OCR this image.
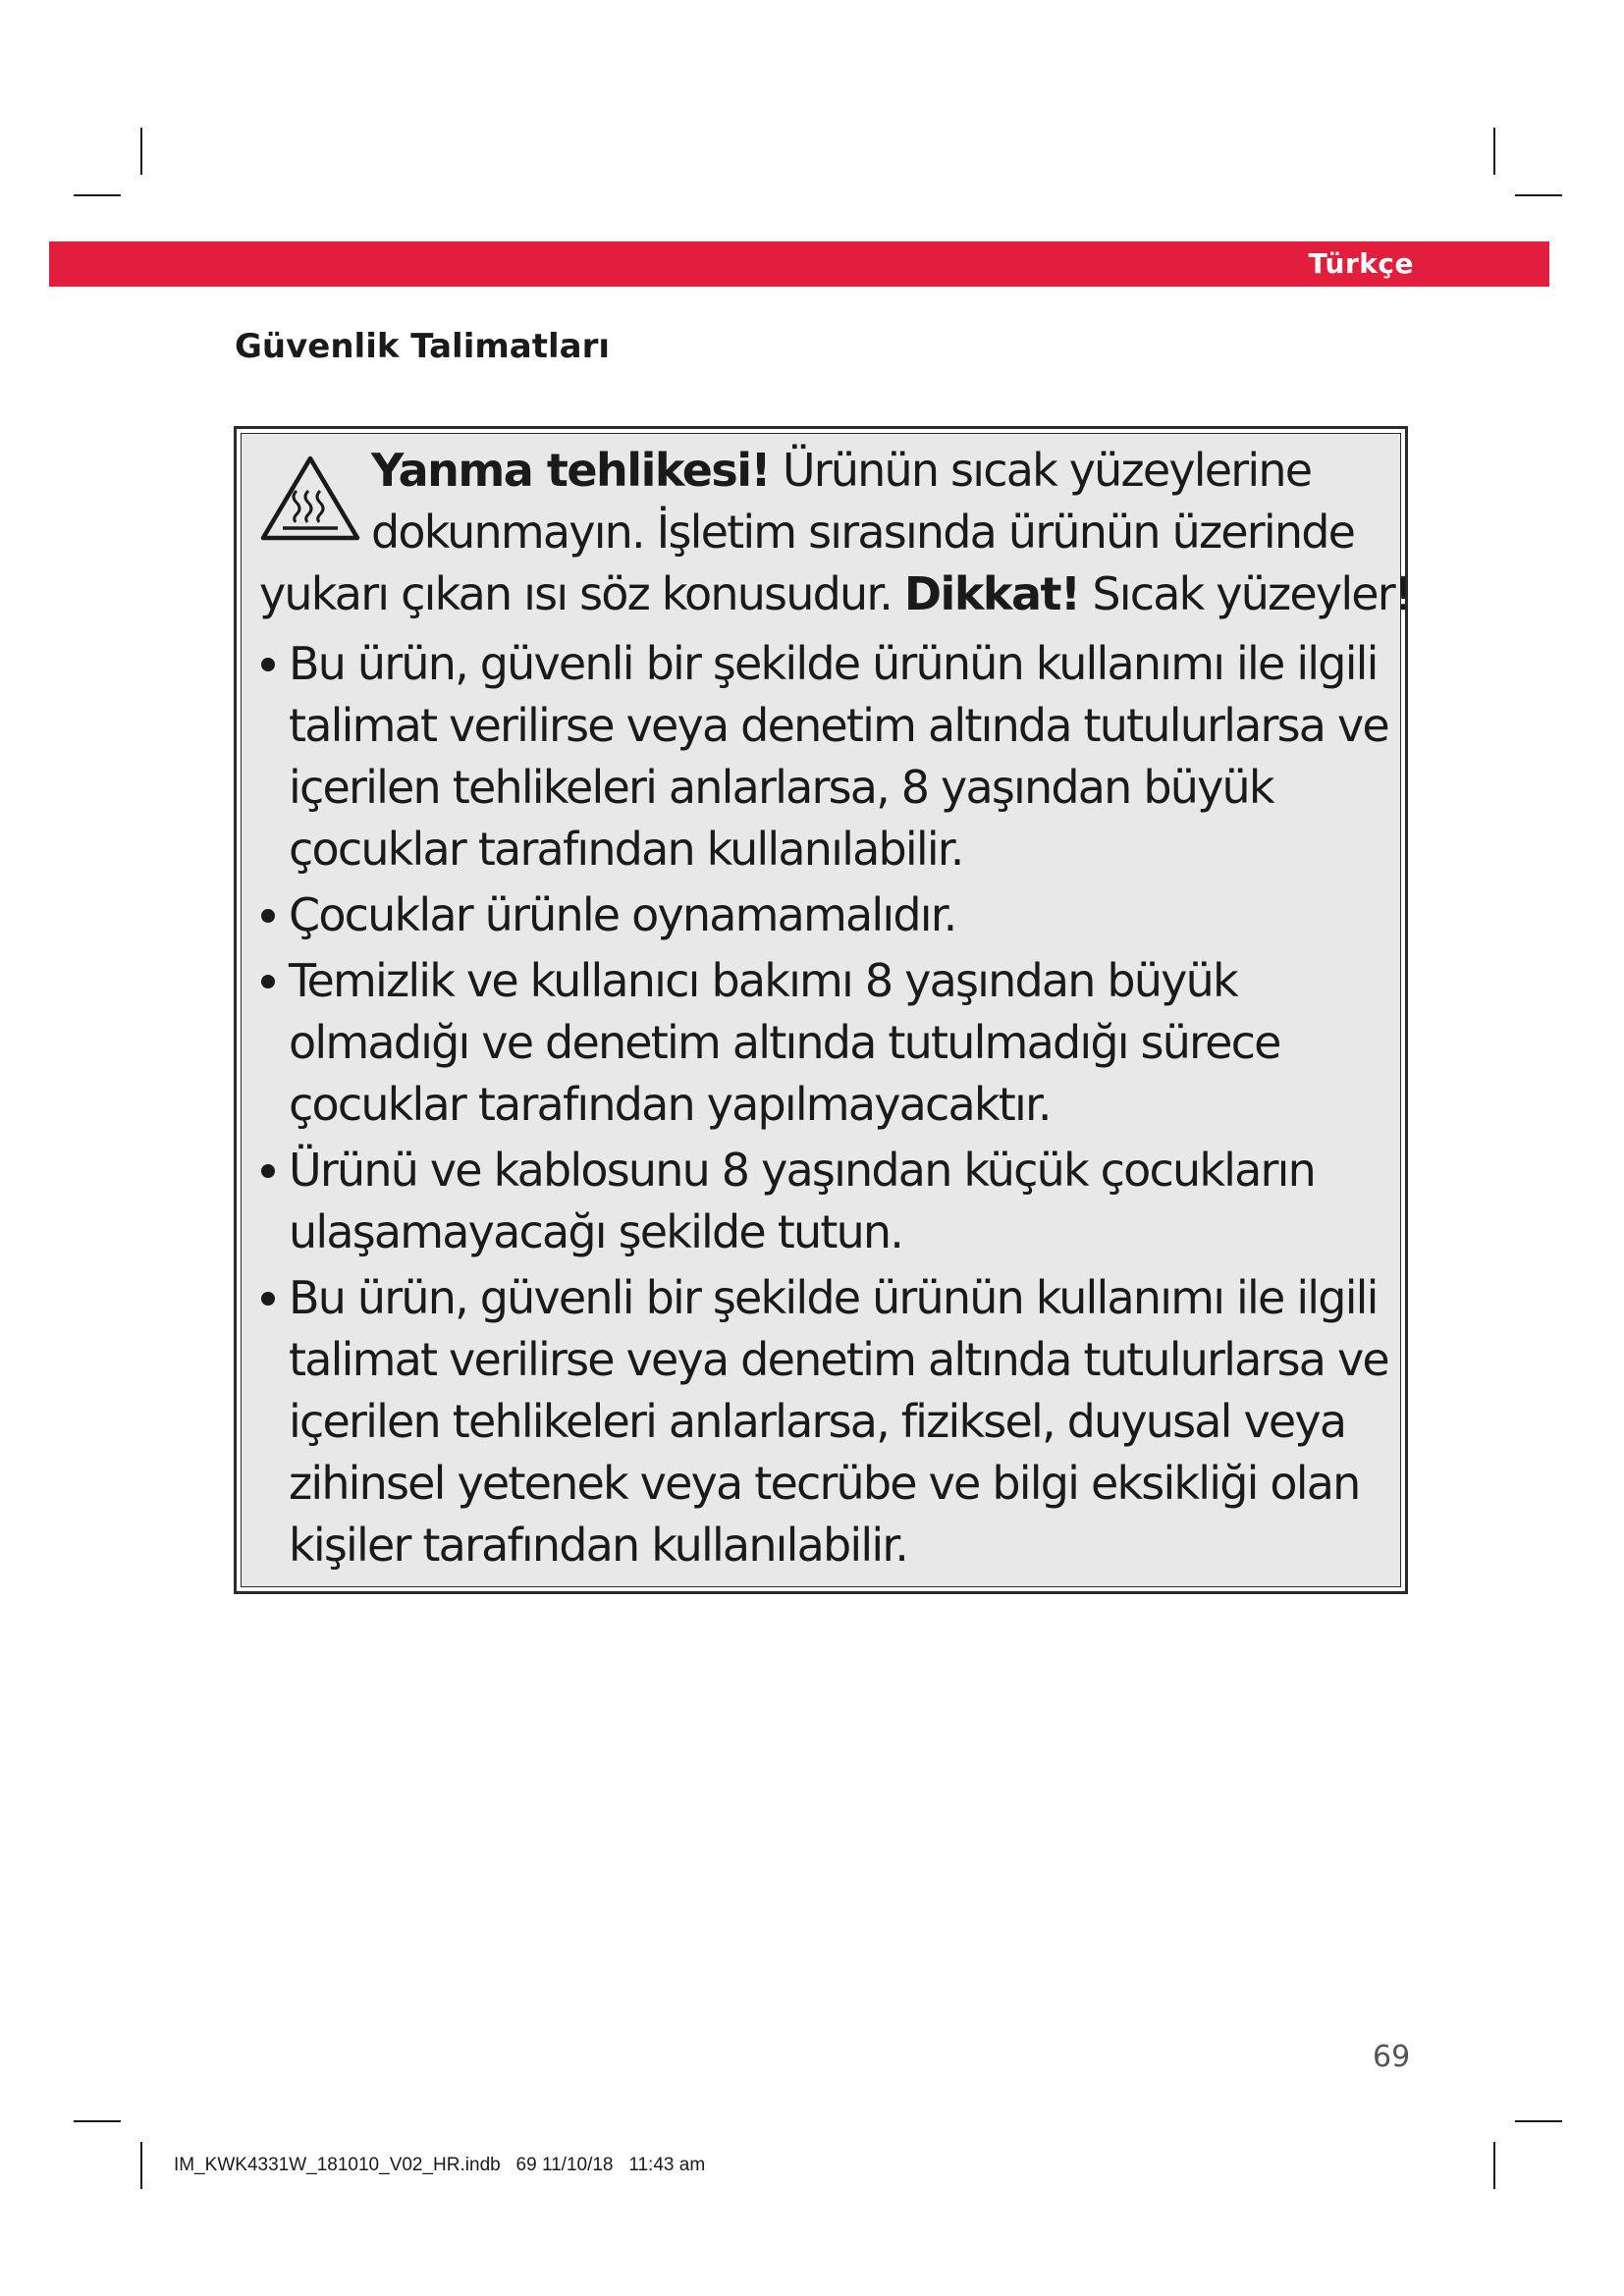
Türkçe
Güvenlik Talimatları
Yanma tehlikesi! Ürünün sıcak yüzeylerine
dokunmayın. İşletim sırasında ürünün üzerinde
yukarı çıkan ısı söz konusudur. Dikkat! Sıcak yüzeyler!
Bu ürün, güvenli bir şekilde ürünün kullanımı ile ilgili talimat verilirse veya denetim altında tutulurlarsa ve içerilen tehlikeleri anlarlarsa, 8 yaşından büyük çocuklar tarafından kullanılabilir.
Çocuklar ürünle oynamamalıdır.
Temizlik ve kullanıcı bakımı 8 yaşından büyük olmadığı ve denetim altında tutulmadığı sürece çocuklar tarafından yapılmayacaktır.
Ürünü ve kablosunu 8 yaşından küçük çocukların ulaşamayacağı şekilde tutun.
Bu ürün, güvenli bir şekilde ürünün kullanımı ile ilgili talimat verilirse veya denetim altında tutulurlarsa ve içerilen tehlikeleri anlarlarsa, fiziksel, duyusal veya zihinsel yetenek veya tecrübe ve bilgi eksikliği olan kişiler tarafından kullanılabilir.
69
IM_KWK4331W_181010_V02_HR.indb   69 11/10/18   11:43 am
